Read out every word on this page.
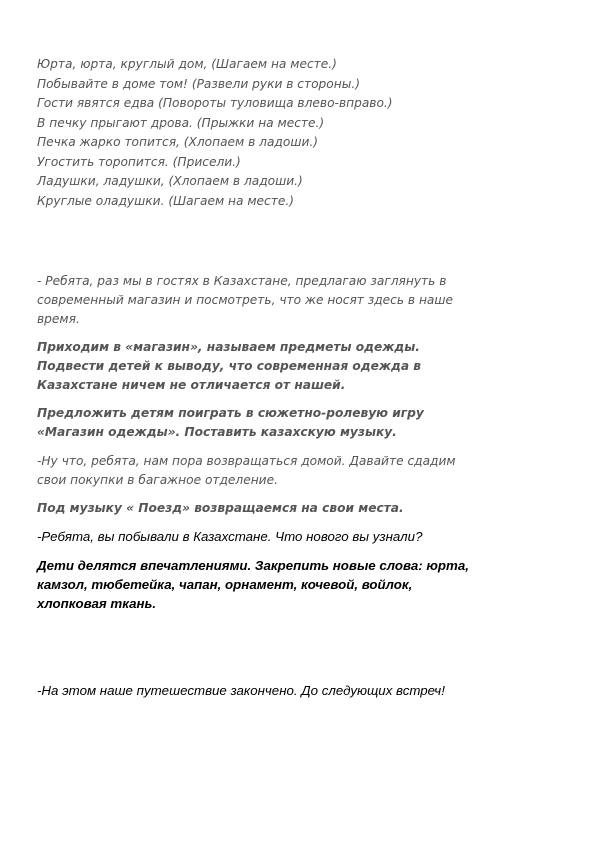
Юрта, юрта, круглый дом, (Шагаем на месте.)
Побывайте в доме том! (Развели руки в стороны.)
Гости явятся едва (Повороты туловища влево-вправо.)
В печку прыгают дрова. (Прыжки на месте.)
Печка жарко топится, (Хлопаем в ладоши.)
Угостить торопится. (Присели.)
Ладушки, ладушки, (Хлопаем в ладоши.)
Круглые оладушки. (Шагаем на месте.)
- Ребята, раз мы в гостях в Казахстане, предлагаю заглянуть в
современный магазин и посмотреть, что же носят здесь в наше
время.
Приходим в «магазин», называем предметы одежды.
Подвести детей к выводу, что современная одежда в
Казахстане ничем не отличается от нашей.
Предложить детям поиграть в сюжетно-ролевую игру
«Магазин одежды». Поставить казахскую музыку.
-Ну что, ребята, нам пора возвращаться домой. Давайте сдадим
свои покупки в багажное отделение.
Под музыку « Поезд» возвращаемся на свои места.
-Ребята, вы побывали в Казахстане. Что нового вы узнали?
Дети делятся впечатлениями. Закрепить новые слова: юрта,
камзол, тюбетейка, чапан, орнамент, кочевой, войлок,
хлопковая ткань.
-На этом наше путешествие закончено. До следующих встреч!
